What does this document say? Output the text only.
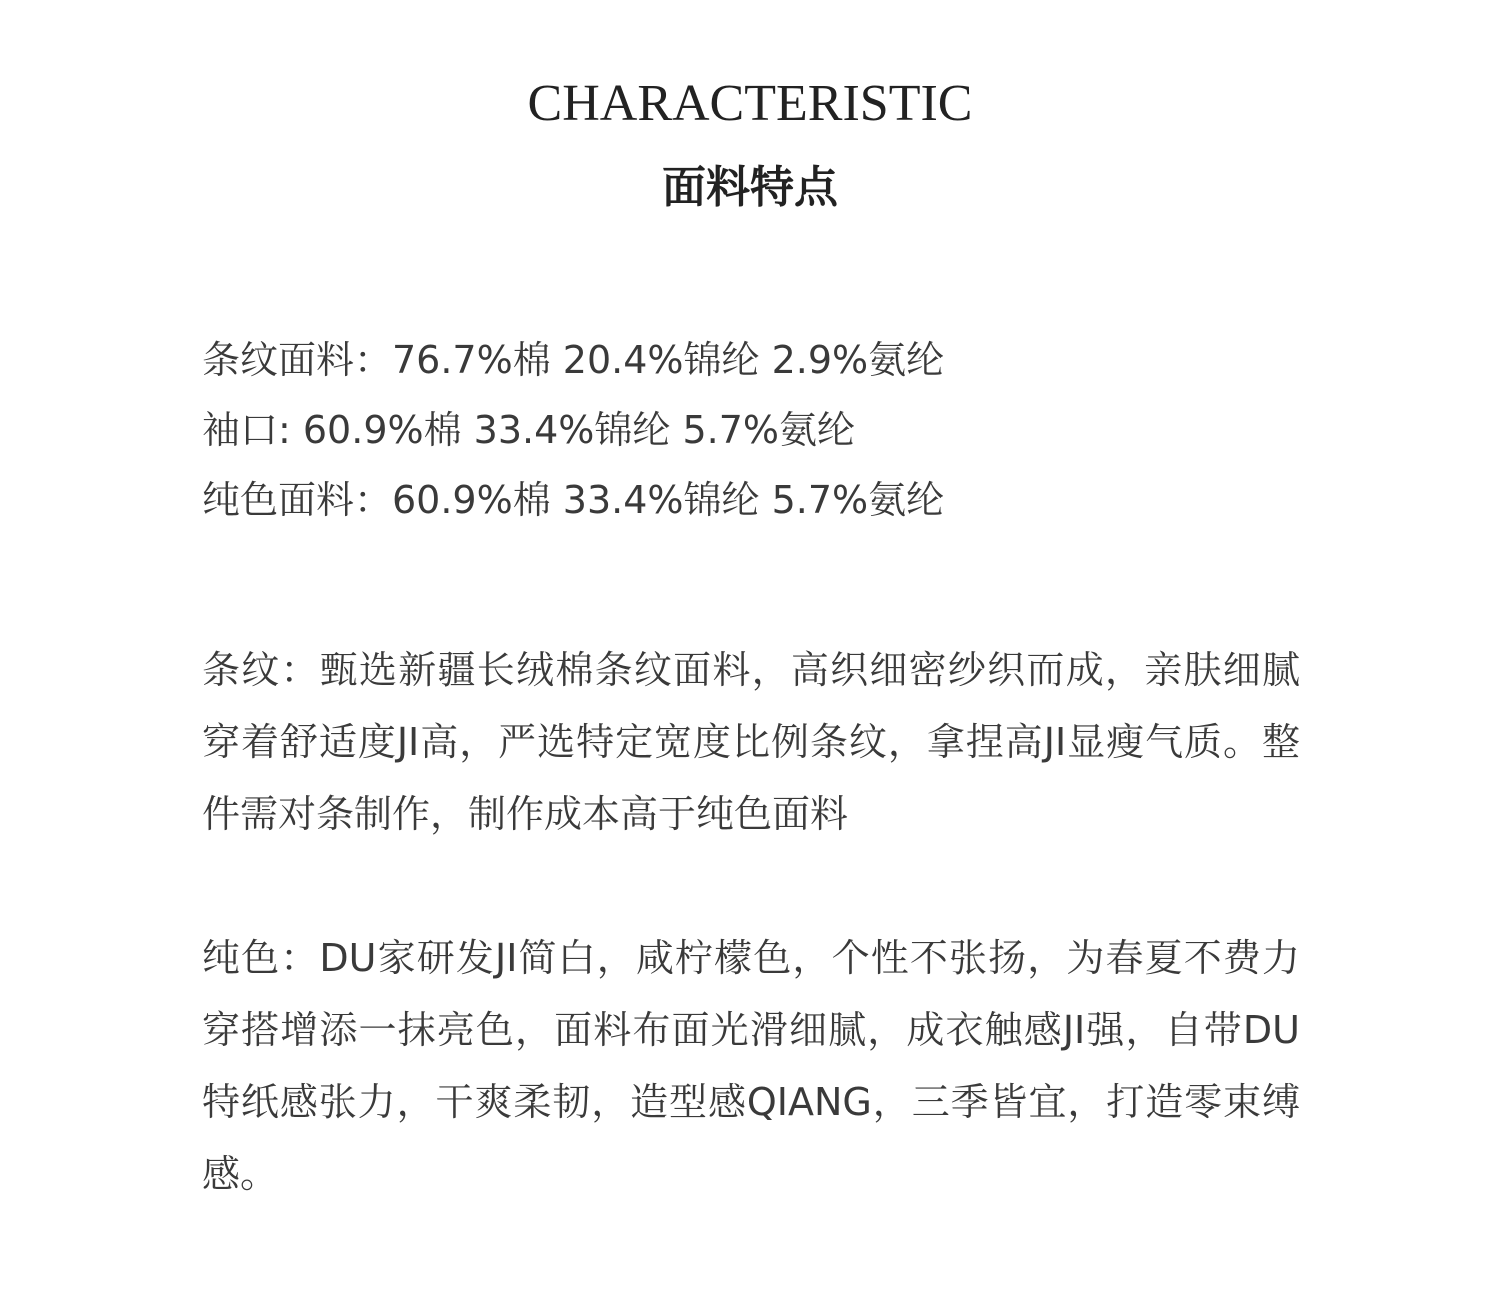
CHARACTERISTIC
面料特点
条纹面料：76.7%棉 20.4%锦纶 2.9%氨纶
袖口: 60.9%棉 33.4%锦纶 5.7%氨纶
纯色面料：60.9%棉 33.4%锦纶 5.7%氨纶

条纹：甄选新疆长绒棉条纹面料，高织细密纱织而成，亲肤细腻穿着舒适度JI高，严选特定宽度比例条纹，拿捏高JI显瘦气质。整件需对条制作，制作成本高于纯色面料

纯色：DU家研发JI简白，咸柠檬色，个性不张扬，为春夏不费力穿搭增添一抹亮色，面料布面光滑细腻，成衣触感JI强，自带DU特纸感张力，干爽柔韧，造型感QIANG，三季皆宜，打造零束缚感。
